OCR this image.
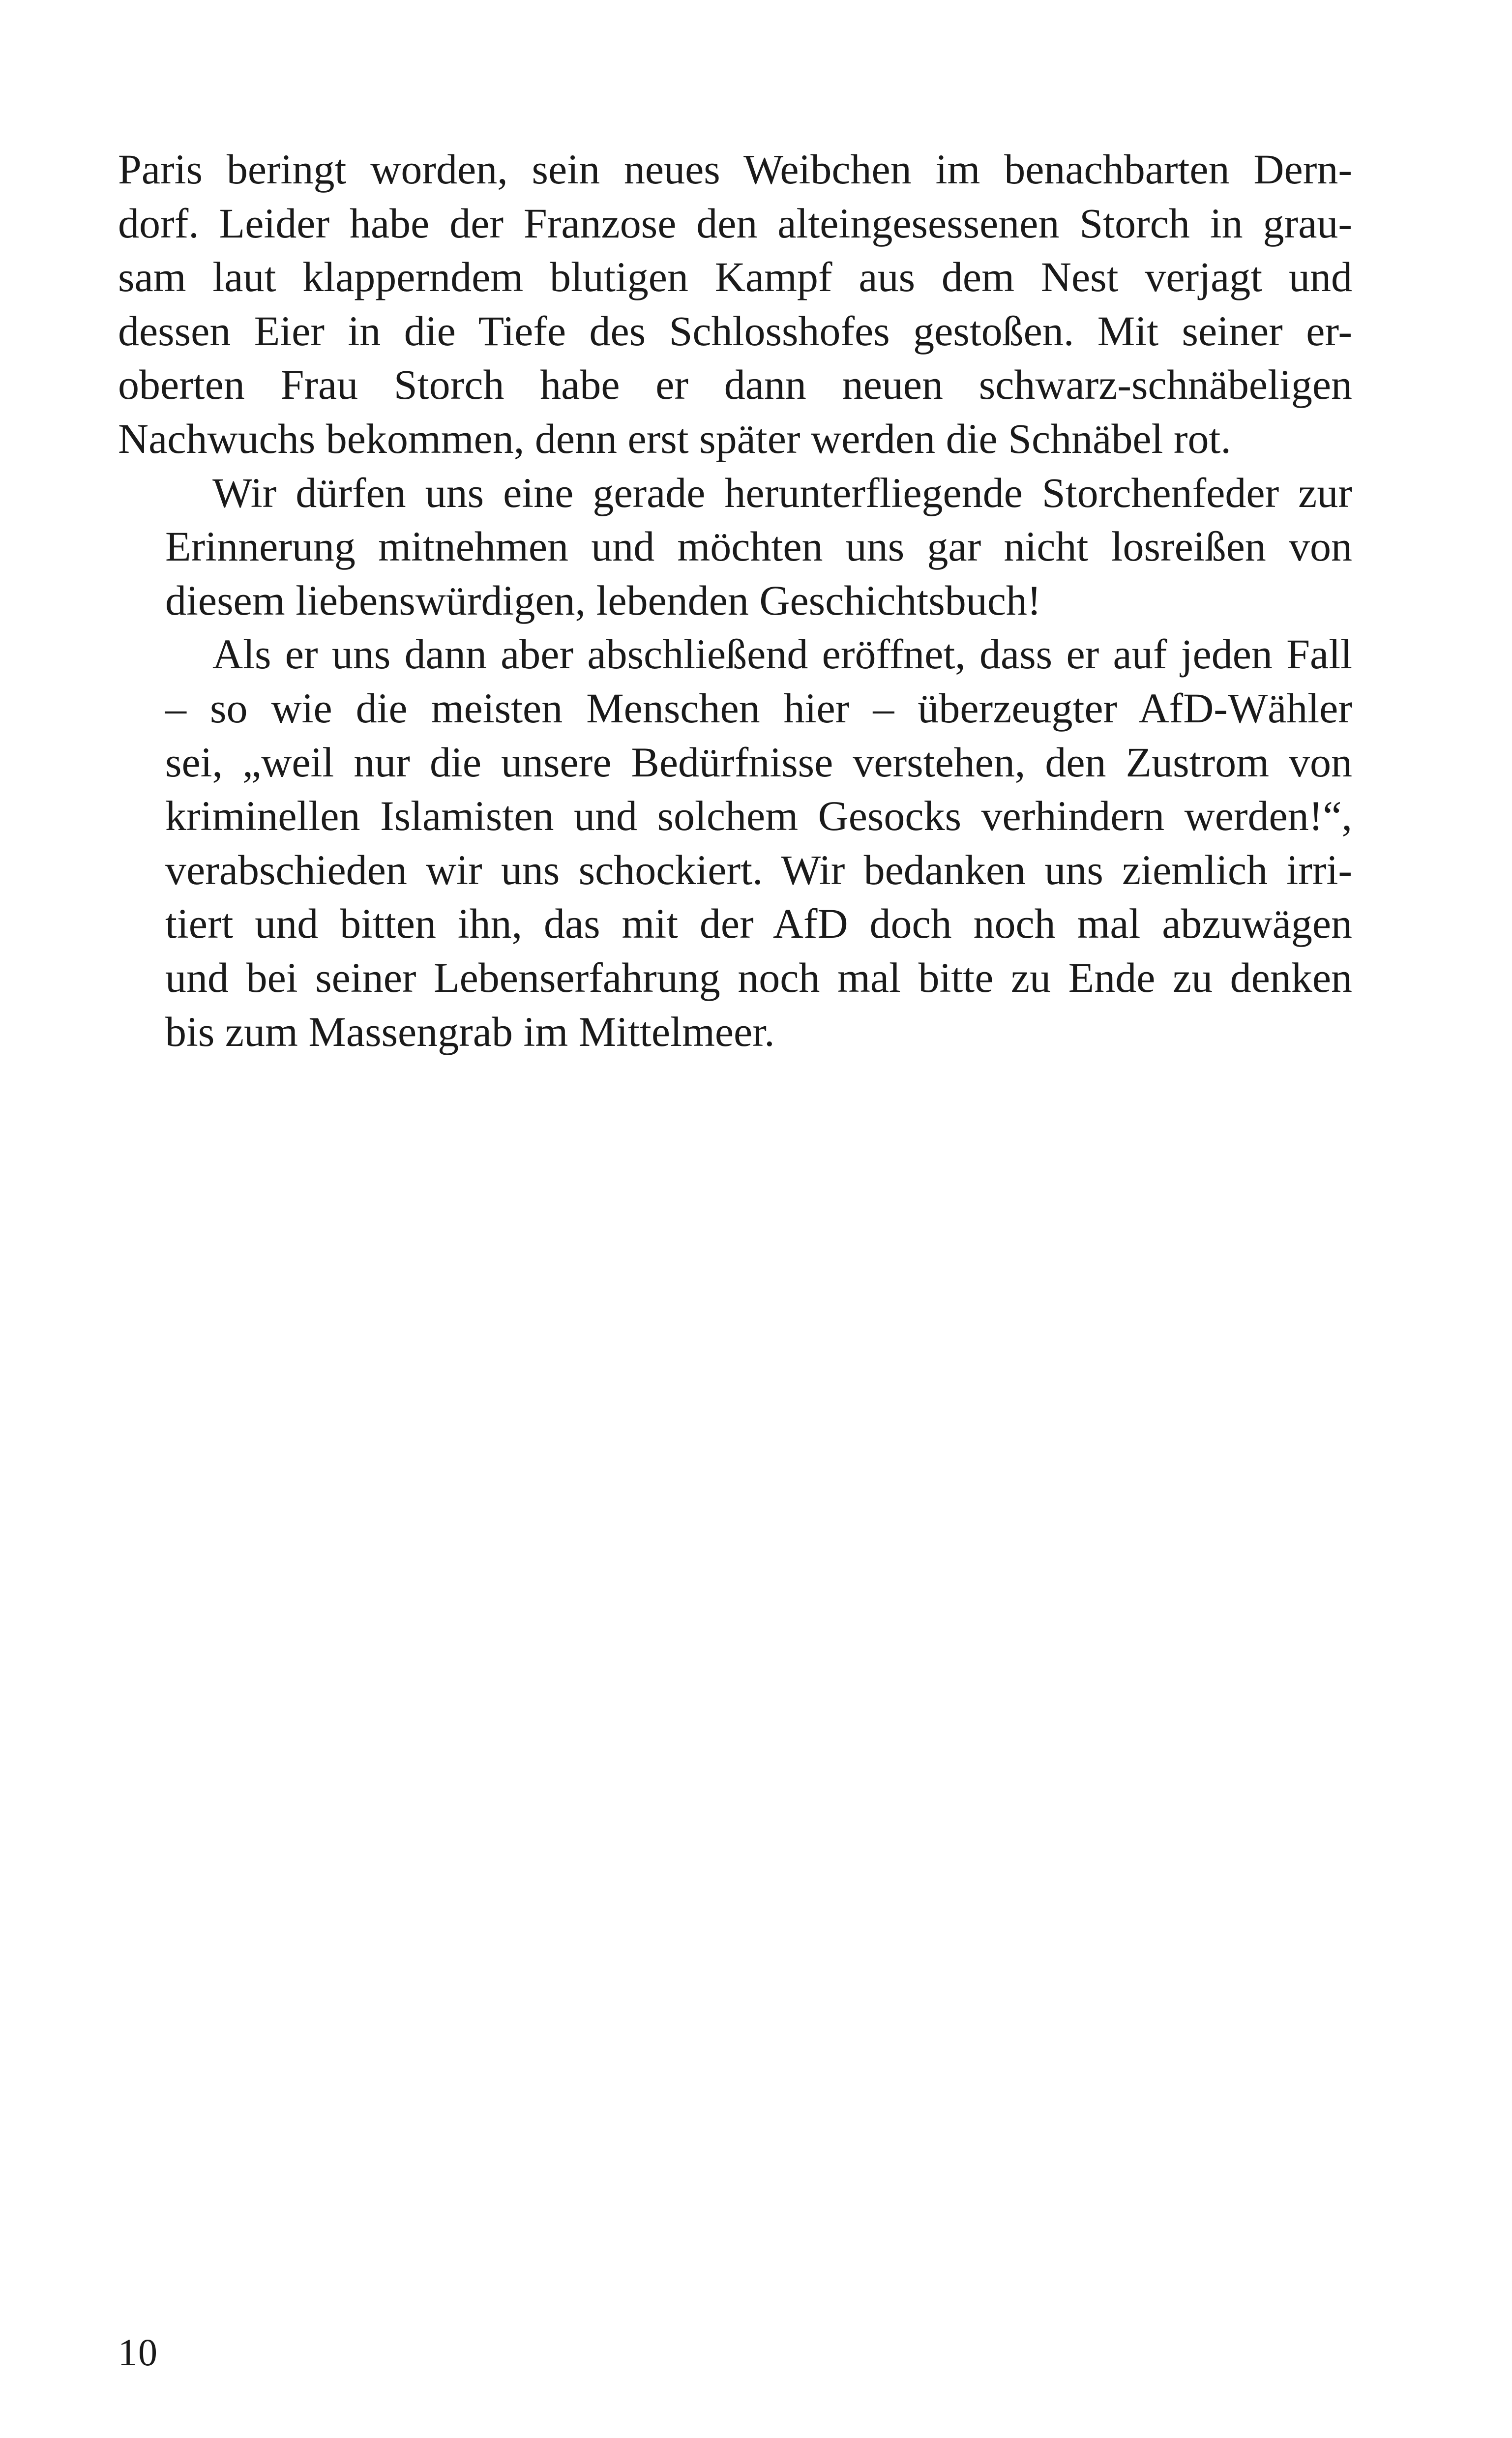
Paris beringt worden, sein neues Weibchen im benachbarten Dern-
dorf. Leider habe der Franzose den alteingesessenen Storch in grau-
sam laut klapperndem blutigen Kampf aus dem Nest verjagt und
dessen Eier in die Tiefe des Schlosshofes gestoßen. Mit seiner er-
oberten Frau Storch habe er dann neuen schwarz-schnäbeligen
Nachwuchs bekommen, denn erst später werden die Schnäbel rot.

Wir dürfen uns eine gerade herunterfliegende Storchenfeder zur
Erinnerung mitnehmen und möchten uns gar nicht losreißen von
diesem liebenswürdigen, lebenden Geschichtsbuch!

Als er uns dann aber abschließend eröffnet, dass er auf jeden Fall
– so wie die meisten Menschen hier – überzeugter AfD-Wähler
sei, „weil nur die unsere Bedürfnisse verstehen, den Zustrom von
kriminellen Islamisten und solchem Gesocks verhindern werden!“,
verabschieden wir uns schockiert. Wir bedanken uns ziemlich irri-
tiert und bitten ihn, das mit der AfD doch noch mal abzuwägen
und bei seiner Lebenserfahrung noch mal bitte zu Ende zu denken
bis zum Massengrab im Mittelmeer.

10
